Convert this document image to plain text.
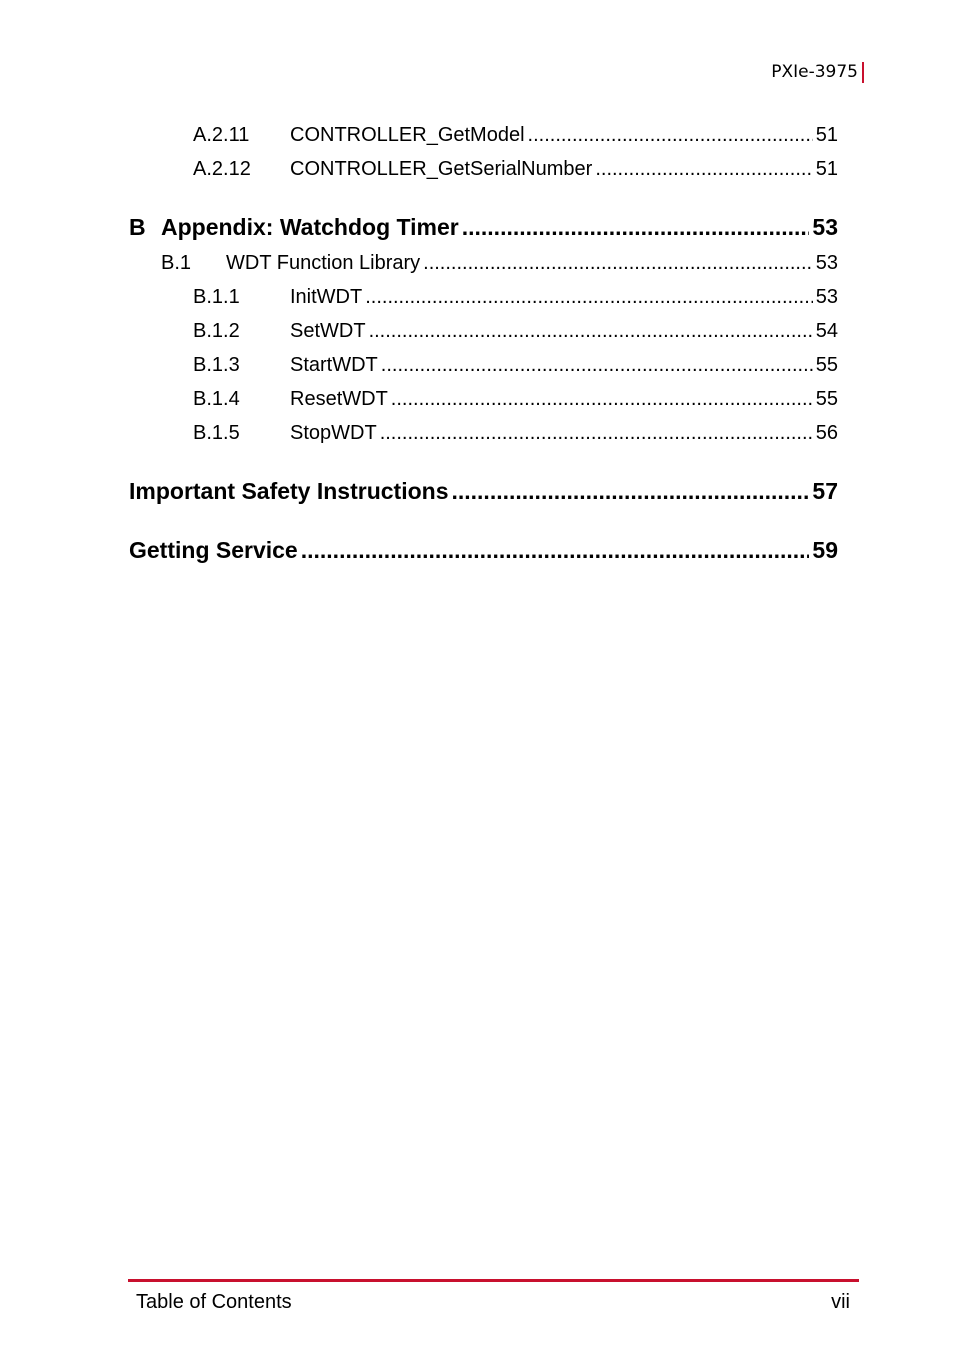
PXIe-3975
A.2.11	CONTROLLER_GetModel .....	51
A.2.12	CONTROLLER_GetSerialNumber .....	51
B Appendix: Watchdog Timer .....	53
B.1	WDT Function Library .....	53
B.1.1	InitWDT .....	53
B.1.2	SetWDT .....	54
B.1.3	StartWDT .....	55
B.1.4	ResetWDT .....	55
B.1.5	StopWDT .....	56
Important Safety Instructions .....	57
Getting Service .....	59
Table of Contents	vii
